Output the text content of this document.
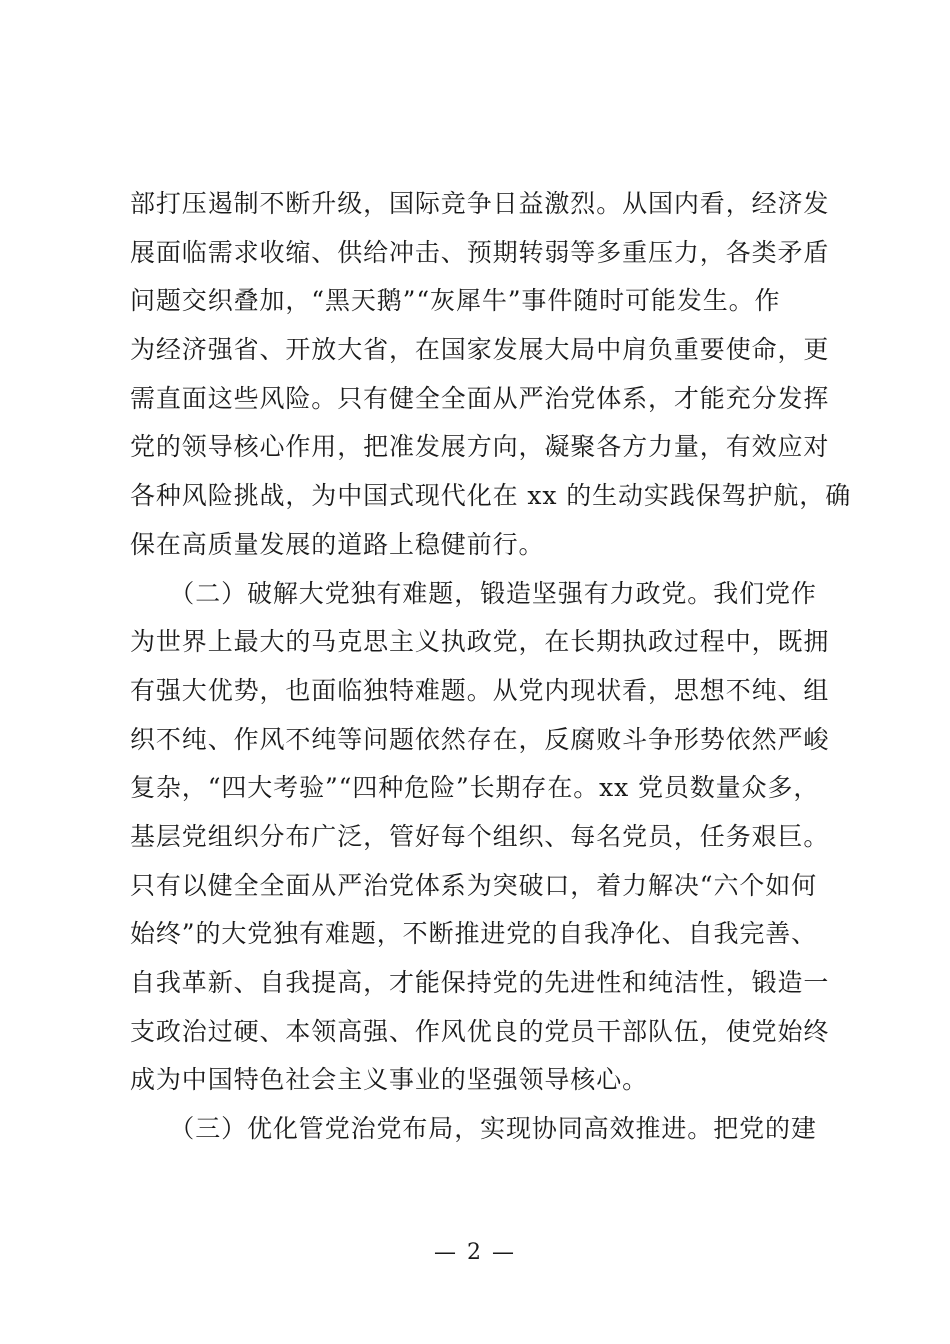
部打压遏制不断升级，国际竞争日益激烈。从国内看，经济发
展面临需求收缩、供给冲击、预期转弱等多重压力，各类矛盾
问题交织叠加，“黑天鹅”“灰犀牛”事件随时可能发生。作
为经济强省、开放大省，在国家发展大局中肩负重要使命，更
需直面这些风险。只有健全全面从严治党体系，才能充分发挥
党的领导核心作用，把准发展方向，凝聚各方力量，有效应对
各种风险挑战，为中国式现代化在 xx 的生动实践保驾护航，确
保在高质量发展的道路上稳健前行。
　　（二）破解大党独有难题，锻造坚强有力政党。我们党作
为世界上最大的马克思主义执政党，在长期执政过程中，既拥
有强大优势，也面临独特难题。从党内现状看，思想不纯、组
织不纯、作风不纯等问题依然存在，反腐败斗争形势依然严峻
复杂，“四大考验”“四种危险”长期存在。xx 党员数量众多，
基层党组织分布广泛，管好每个组织、每名党员，任务艰巨。
只有以健全全面从严治党体系为突破口，着力解决“六个如何
始终”的大党独有难题，不断推进党的自我净化、自我完善、
自我革新、自我提高，才能保持党的先进性和纯洁性，锻造一
支政治过硬、本领高强、作风优良的党员干部队伍，使党始终
成为中国特色社会主义事业的坚强领导核心。
　　（三）优化管党治党布局，实现协同高效推进。把党的建
— 2 —
